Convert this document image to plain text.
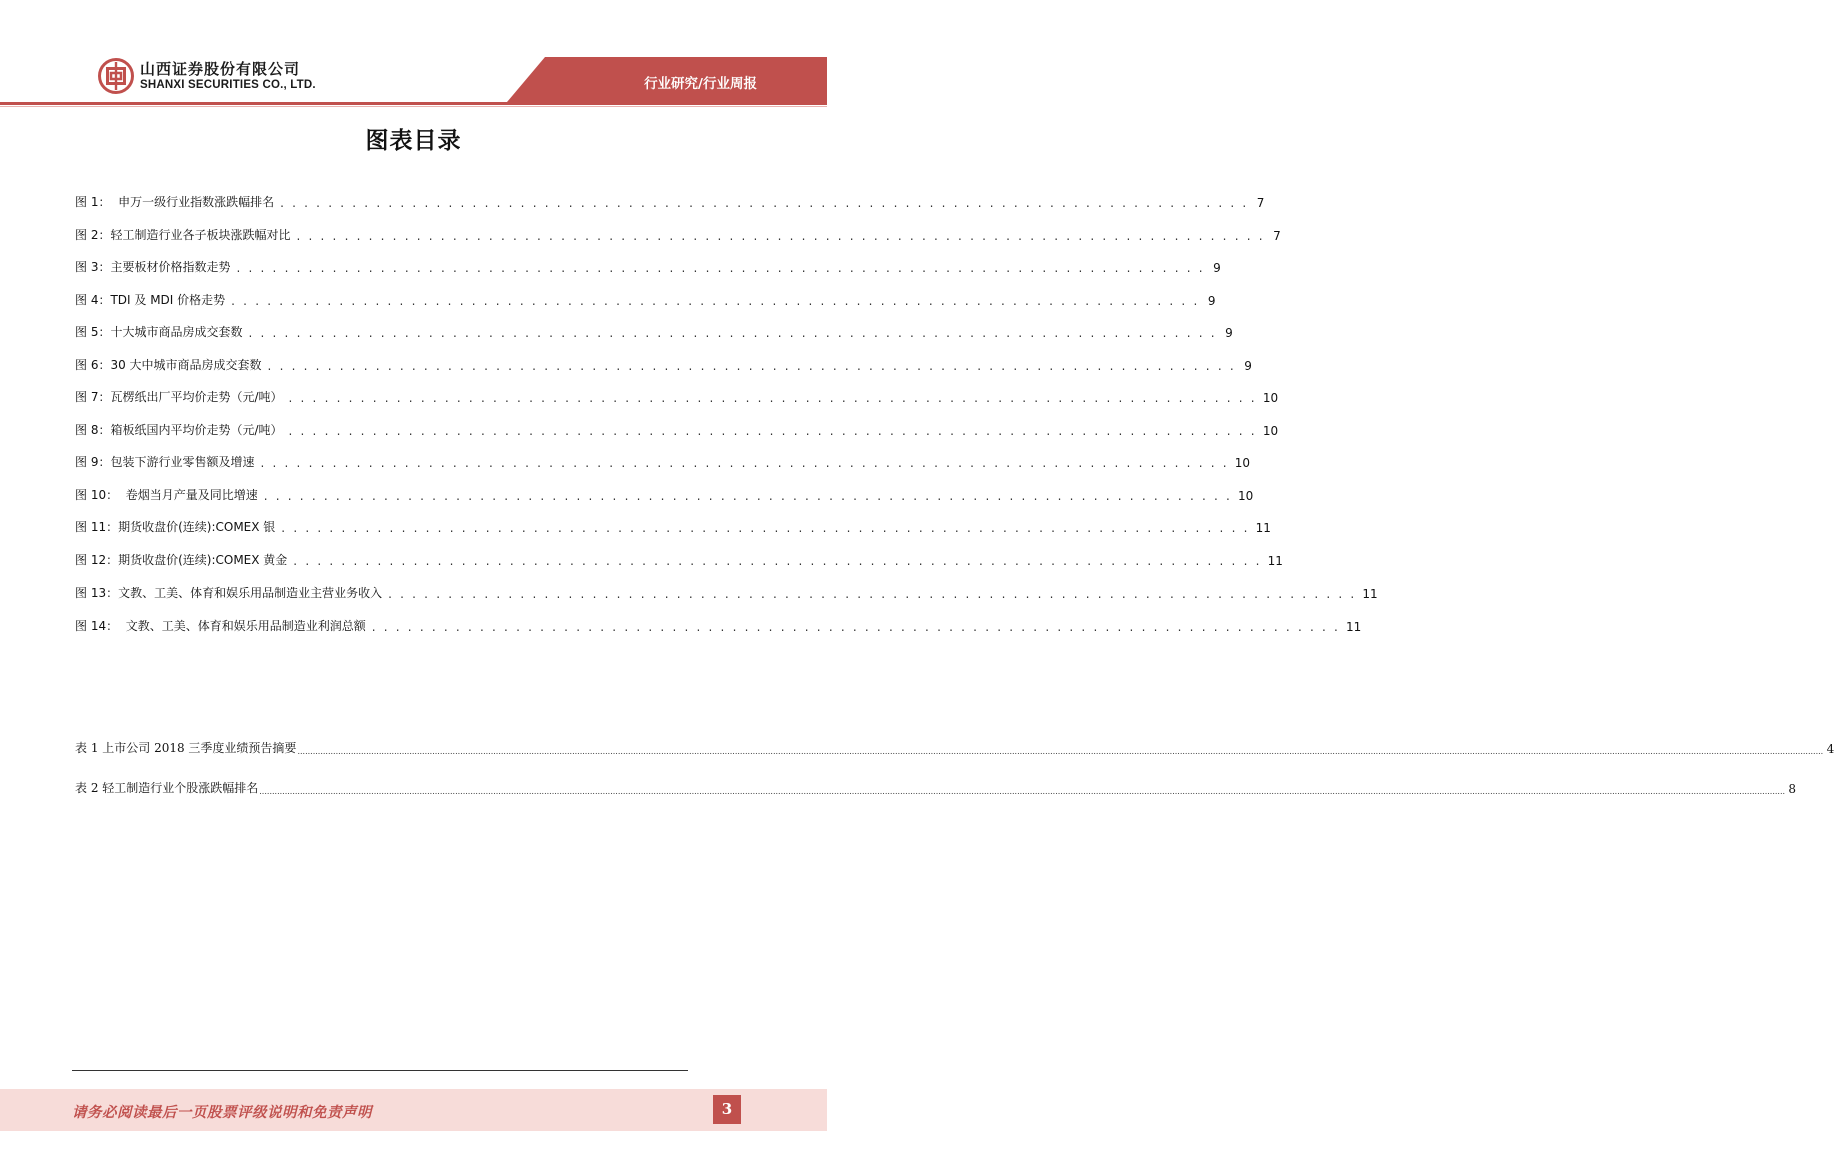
山西证券股份有限公司
SHANXI SECURITIES CO., LTD.	行业研究/行业周报
图表目录
图 1：  申万一级行业指数涨跌幅排名 . . . . . . . . . . . . . . . . . . . . . . . . . . . . . . . . . . . . . . . . . . . . . . . . . . . . . . . . . . . . . . . . . . . . . . . . . . . . . . . . . 7
图 2：轻工制造行业各子板块涨跌幅对比 . . . . . . . . . . . . . . . . . . . . . . . . . . . . . . . . . . . . . . . . . . . . . . . . . . . . . . . . . . . . . . . . . . . . . . . . . . . . . . . . . 7
图 3：主要板材价格指数走势 . . . . . . . . . . . . . . . . . . . . . . . . . . . . . . . . . . . . . . . . . . . . . . . . . . . . . . . . . . . . . . . . . . . . . . . . . . . . . . . . . 9
图 4：TDI 及 MDI 价格走势 . . . . . . . . . . . . . . . . . . . . . . . . . . . . . . . . . . . . . . . . . . . . . . . . . . . . . . . . . . . . . . . . . . . . . . . . . . . . . . . . . 9
图 5：十大城市商品房成交套数 . . . . . . . . . . . . . . . . . . . . . . . . . . . . . . . . . . . . . . . . . . . . . . . . . . . . . . . . . . . . . . . . . . . . . . . . . . . . . . . . . 9
图 6：30 大中城市商品房成交套数 . . . . . . . . . . . . . . . . . . . . . . . . . . . . . . . . . . . . . . . . . . . . . . . . . . . . . . . . . . . . . . . . . . . . . . . . . . . . . . . . . 9
图 7：瓦楞纸出厂平均价走势（元/吨） . . . . . . . . . . . . . . . . . . . . . . . . . . . . . . . . . . . . . . . . . . . . . . . . . . . . . . . . . . . . . . . . . . . . . . . . . . . . . . . . . 10
图 8：箱板纸国内平均价走势（元/吨） . . . . . . . . . . . . . . . . . . . . . . . . . . . . . . . . . . . . . . . . . . . . . . . . . . . . . . . . . . . . . . . . . . . . . . . . . . . . . . . . . 10
图 9：包装下游行业零售额及增速 . . . . . . . . . . . . . . . . . . . . . . . . . . . . . . . . . . . . . . . . . . . . . . . . . . . . . . . . . . . . . . . . . . . . . . . . . . . . . . . . . 10
图 10：  卷烟当月产量及同比增速 . . . . . . . . . . . . . . . . . . . . . . . . . . . . . . . . . . . . . . . . . . . . . . . . . . . . . . . . . . . . . . . . . . . . . . . . . . . . . . . . . 10
图 11：期货收盘价(连续):COMEX 银 . . . . . . . . . . . . . . . . . . . . . . . . . . . . . . . . . . . . . . . . . . . . . . . . . . . . . . . . . . . . . . . . . . . . . . . . . . . . . . . . . 11
图 12：期货收盘价(连续):COMEX 黄金 . . . . . . . . . . . . . . . . . . . . . . . . . . . . . . . . . . . . . . . . . . . . . . . . . . . . . . . . . . . . . . . . . . . . . . . . . . . . . . . . . 11
图 13：文教、工美、体育和娱乐用品制造业主营业务收入 . . . . . . . . . . . . . . . . . . . . . . . . . . . . . . . . . . . . . . . . . . . . . . . . . . . . . . . . . . . . . . . . . . . . . . . . . . . . . . . . . 11
图 14：  文教、工美、体育和娱乐用品制造业利润总额 . . . . . . . . . . . . . . . . . . . . . . . . . . . . . . . . . . . . . . . . . . . . . . . . . . . . . . . . . . . . . . . . . . . . . . . . . . . . . . . . . 11
表 1 上市公司 2018 三季度业绩预告摘要 ........................................................................................................................................................................................................................................................................................................................................................................................................................................................................................................................................................................................................................ 4
表 2 轻工制造行业个股涨跌幅排名 ........................................................................................................................................................................................................................................................................................................................................................................................................................................................................................................................................................................................................................ 8
请务必阅读最后一页股票评级说明和免责声明	3
